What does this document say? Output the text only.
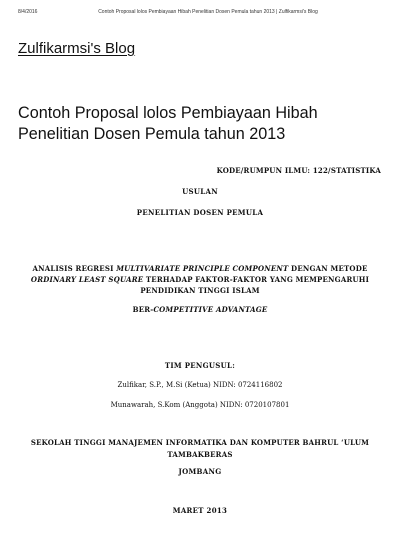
8/4/2016	Contoh Proposal lolos Pembiayaan Hibah Penelitian Dosen Pemula tahun 2013 | Zulfikarmsi's Blog
Zulfikarmsi's Blog
Contoh Proposal lolos Pembiayaan Hibah
Penelitian Dosen Pemula tahun 2013
KODE/RUMPUN ILMU: 122/STATISTIKA
USULAN
PENELITIAN DOSEN PEMULA
ANALISIS REGRESI MULTIVARIATE PRINCIPLE COMPONENT DENGAN METODE
ORDINARY LEAST SQUARE TERHADAP FAKTOR-FAKTOR YANG MEMPENGARUHI
PENDIDIKAN TINGGI ISLAM
BER-COMPETITIVE ADVANTAGE
TIM PENGUSUL:
Zulfikar, S.P., M.Si (Ketua) NIDN: 0724116802
Munawarah, S.Kom (Anggota) NIDN: 0720107801
SEKOLAH TINGGI MANAJEMEN INFORMATIKA DAN KOMPUTER BAHRUL ‘ULUM
TAMBAKBERAS
JOMBANG
MARET 2013
